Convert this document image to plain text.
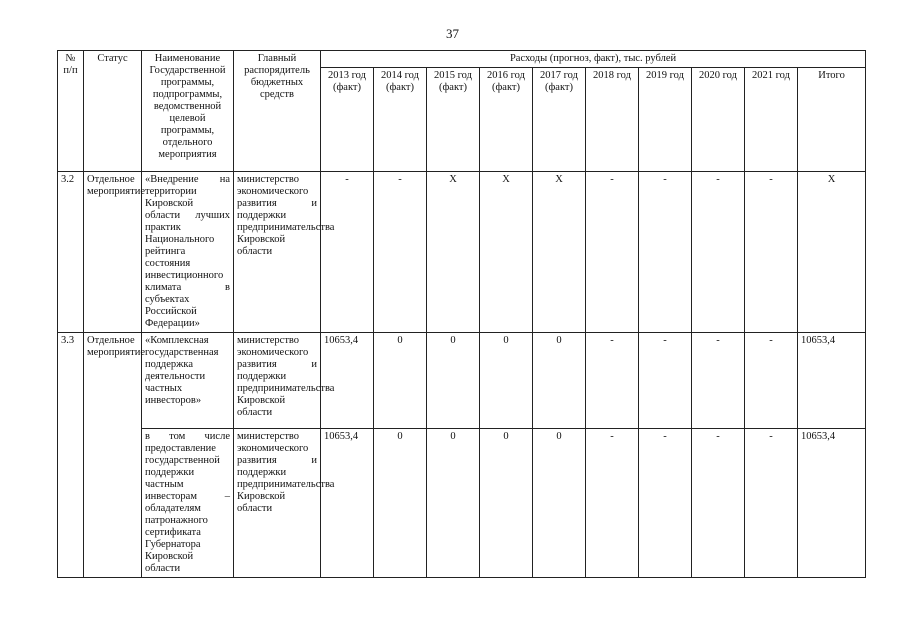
37
№ п/п	Статус	Наименование Государственной программы, подпрограммы, ведомственной целевой программы, отдельного мероприятия	Главный распорядитель бюджетных средств	Расходы (прогноз, факт), тыс. рублей									
				2013 год (факт)	2014 год (факт)	2015 год (факт)	2016 год (факт)	2017 год (факт)	2018 год	2019 год	2020 год	2021 год	Итого
3.2	Отдельное мероприятие	«Внедрение на территории Кировской области лучших практик Национального рейтинга состояния инвестиционного климата в субъектах Российской Федерации»	министерство экономического развития и поддержки предпринимательства Кировской области	-	-	X	X	X	-	-	-	-	X
3.3	Отдельное мероприятие	«Комплексная государственная поддержка деятельности частных инвесторов»	министерство экономического развития и поддержки предпринимательства Кировской области	10653,4	0	0	0	0	-	-	-	-	10653,4
		в том числе предоставление государственной поддержки частным инвесторам – обладателям патронажного сертификата Губернатора Кировской области	министерство экономического развития и поддержки предпринимательства Кировской области	10653,4	0	0	0	0	-	-	-	-	10653,4
